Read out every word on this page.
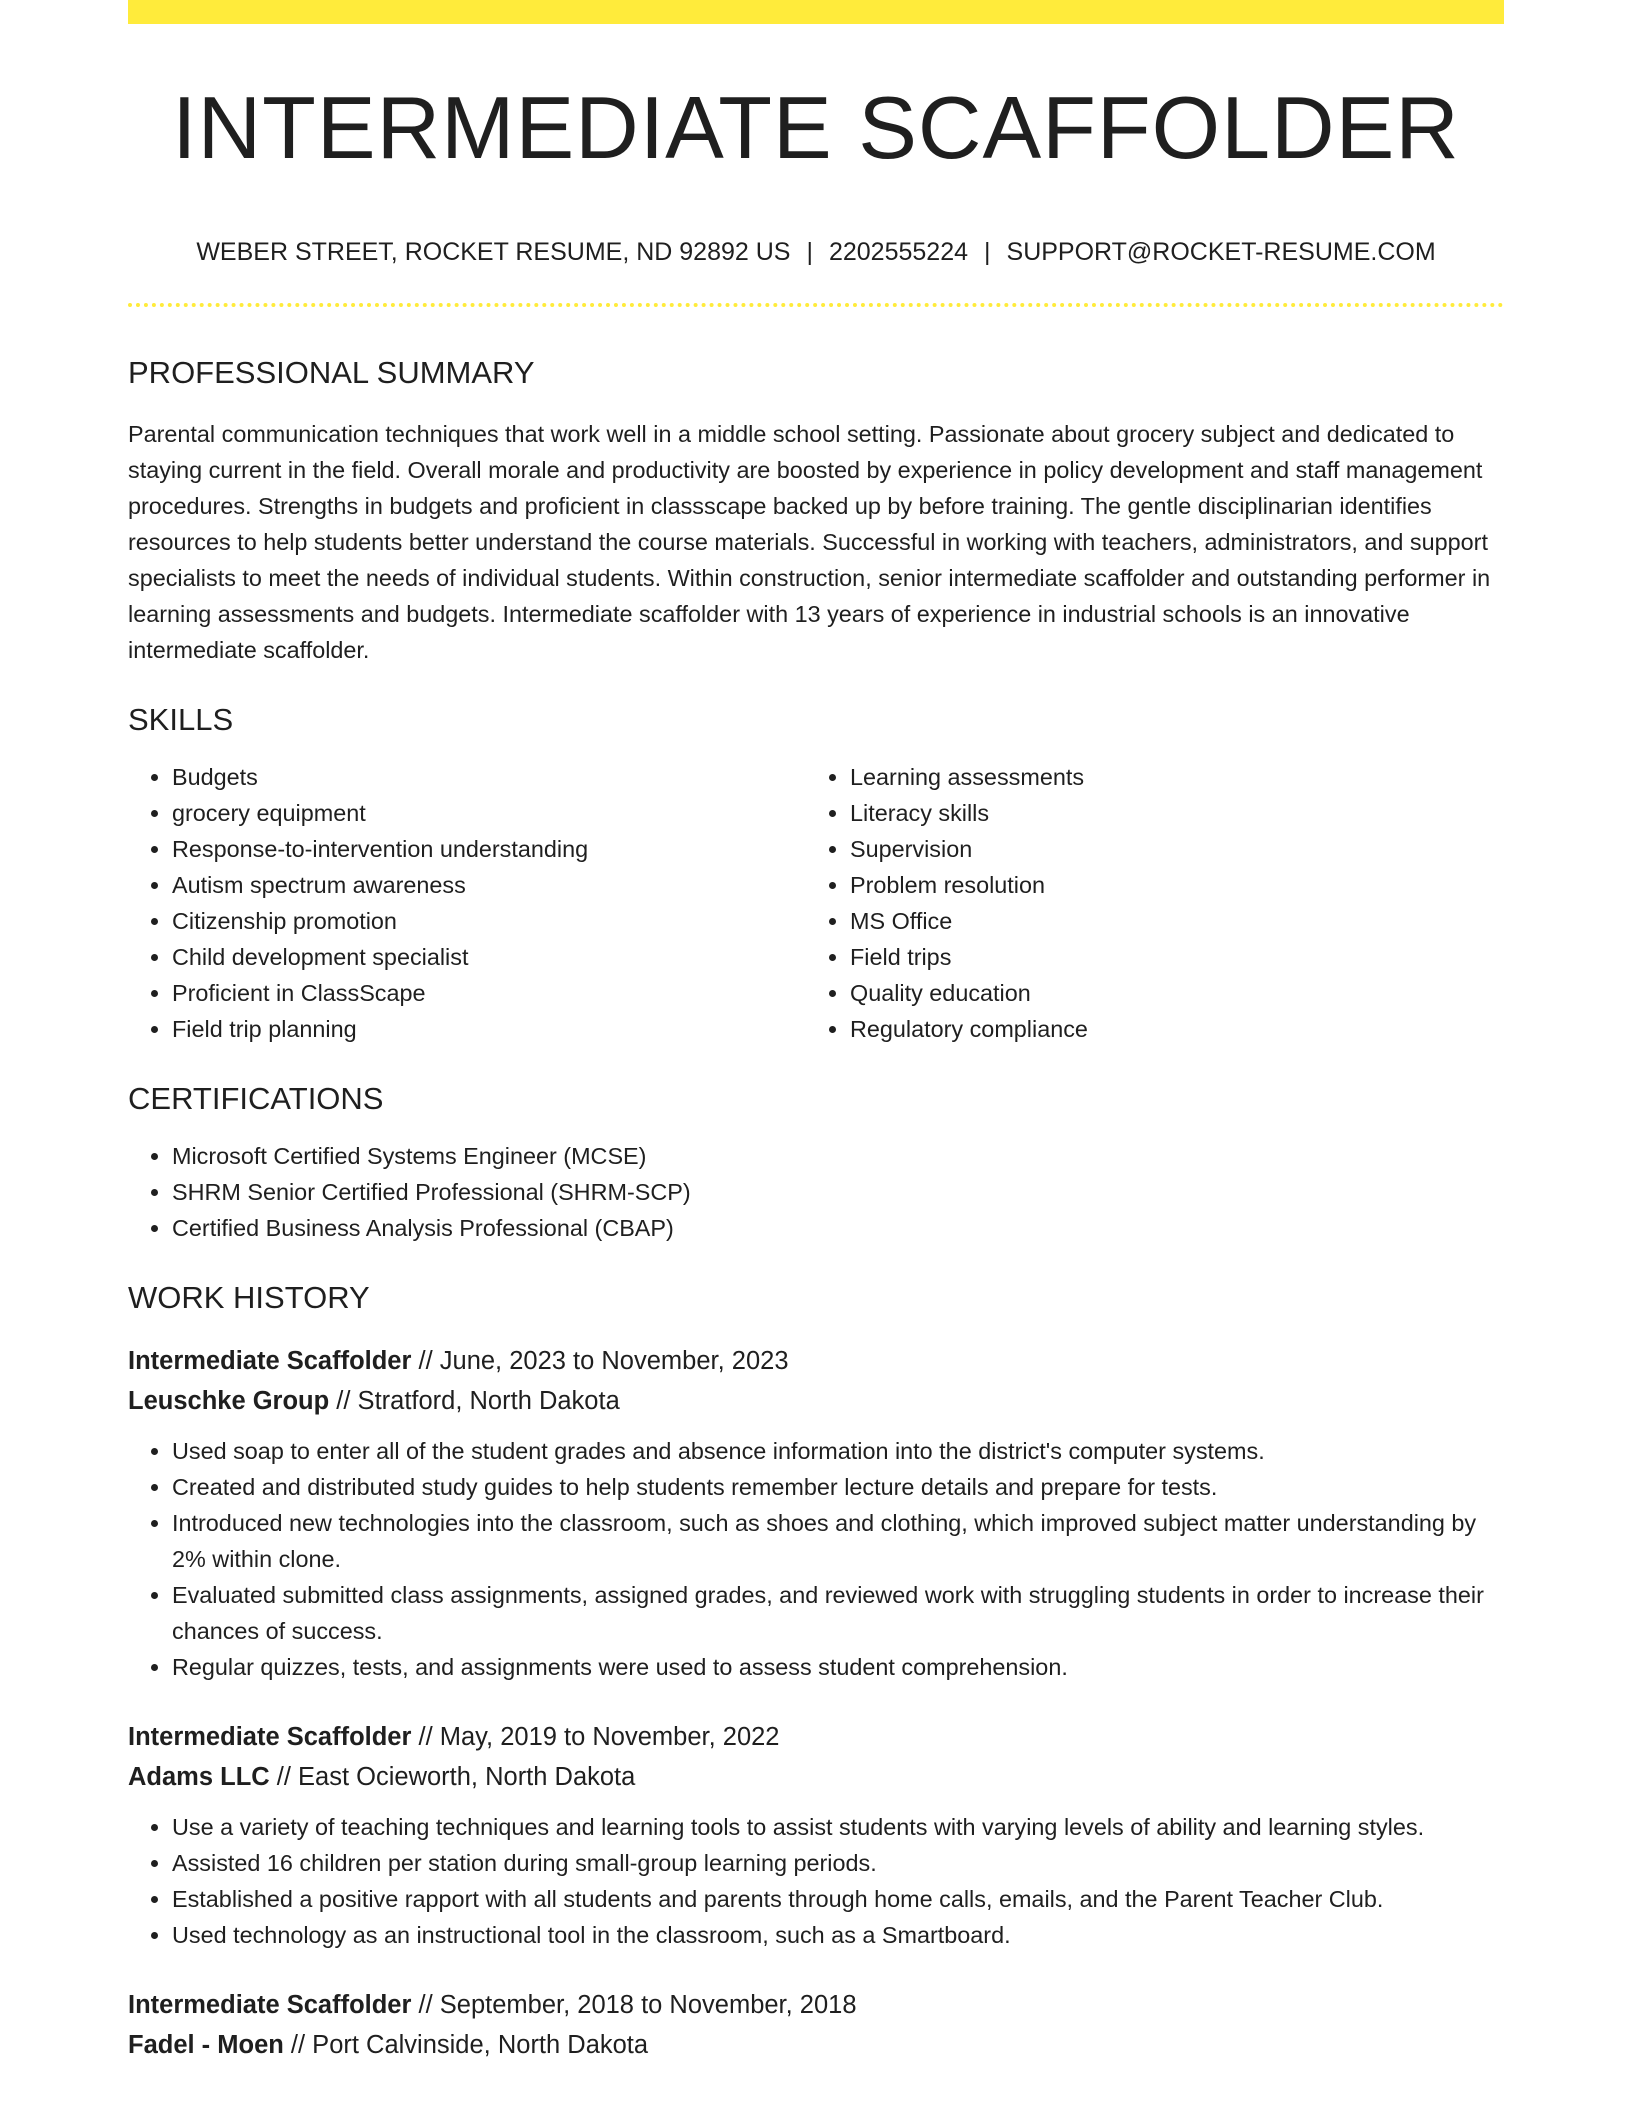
INTERMEDIATE SCAFFOLDER
WEBER STREET, ROCKET RESUME, ND 92892 US | 2202555224 | SUPPORT@ROCKET-RESUME.COM
PROFESSIONAL SUMMARY

Parental communication techniques that work well in a middle school setting. Passionate about grocery subject and dedicated to staying current in the field. Overall morale and productivity are boosted by experience in policy development and staff management procedures. Strengths in budgets and proficient in classscape backed up by before training. The gentle disciplinarian identifies resources to help students better understand the course materials. Successful in working with teachers, administrators, and support specialists to meet the needs of individual students. Within construction, senior intermediate scaffolder and outstanding performer in learning assessments and budgets. Intermediate scaffolder with 13 years of experience in industrial schools is an innovative intermediate scaffolder.

SKILLS
• Budgets
• grocery equipment
• Response-to-intervention understanding
• Autism spectrum awareness
• Citizenship promotion
• Child development specialist
• Proficient in ClassScape
• Field trip planning
• Learning assessments
• Literacy skills
• Supervision
• Problem resolution
• MS Office
• Field trips
• Quality education
• Regulatory compliance
CERTIFICATIONS
• Microsoft Certified Systems Engineer (MCSE)
• SHRM Senior Certified Professional (SHRM-SCP)
• Certified Business Analysis Professional (CBAP)
WORK HISTORY
Intermediate Scaffolder // June, 2023 to November, 2023
Leuschke Group // Stratford, North Dakota
• Used soap to enter all of the student grades and absence information into the district's computer systems.
• Created and distributed study guides to help students remember lecture details and prepare for tests.
• Introduced new technologies into the classroom, such as shoes and clothing, which improved subject matter understanding by 2% within clone.
• Evaluated submitted class assignments, assigned grades, and reviewed work with struggling students in order to increase their chances of success.
• Regular quizzes, tests, and assignments were used to assess student comprehension.
Intermediate Scaffolder // May, 2019 to November, 2022
Adams LLC // East Ocieworth, North Dakota
• Use a variety of teaching techniques and learning tools to assist students with varying levels of ability and learning styles.
• Assisted 16 children per station during small-group learning periods.
• Established a positive rapport with all students and parents through home calls, emails, and the Parent Teacher Club.
• Used technology as an instructional tool in the classroom, such as a Smartboard.
Intermediate Scaffolder // September, 2018 to November, 2018
Fadel - Moen // Port Calvinside, North Dakota
